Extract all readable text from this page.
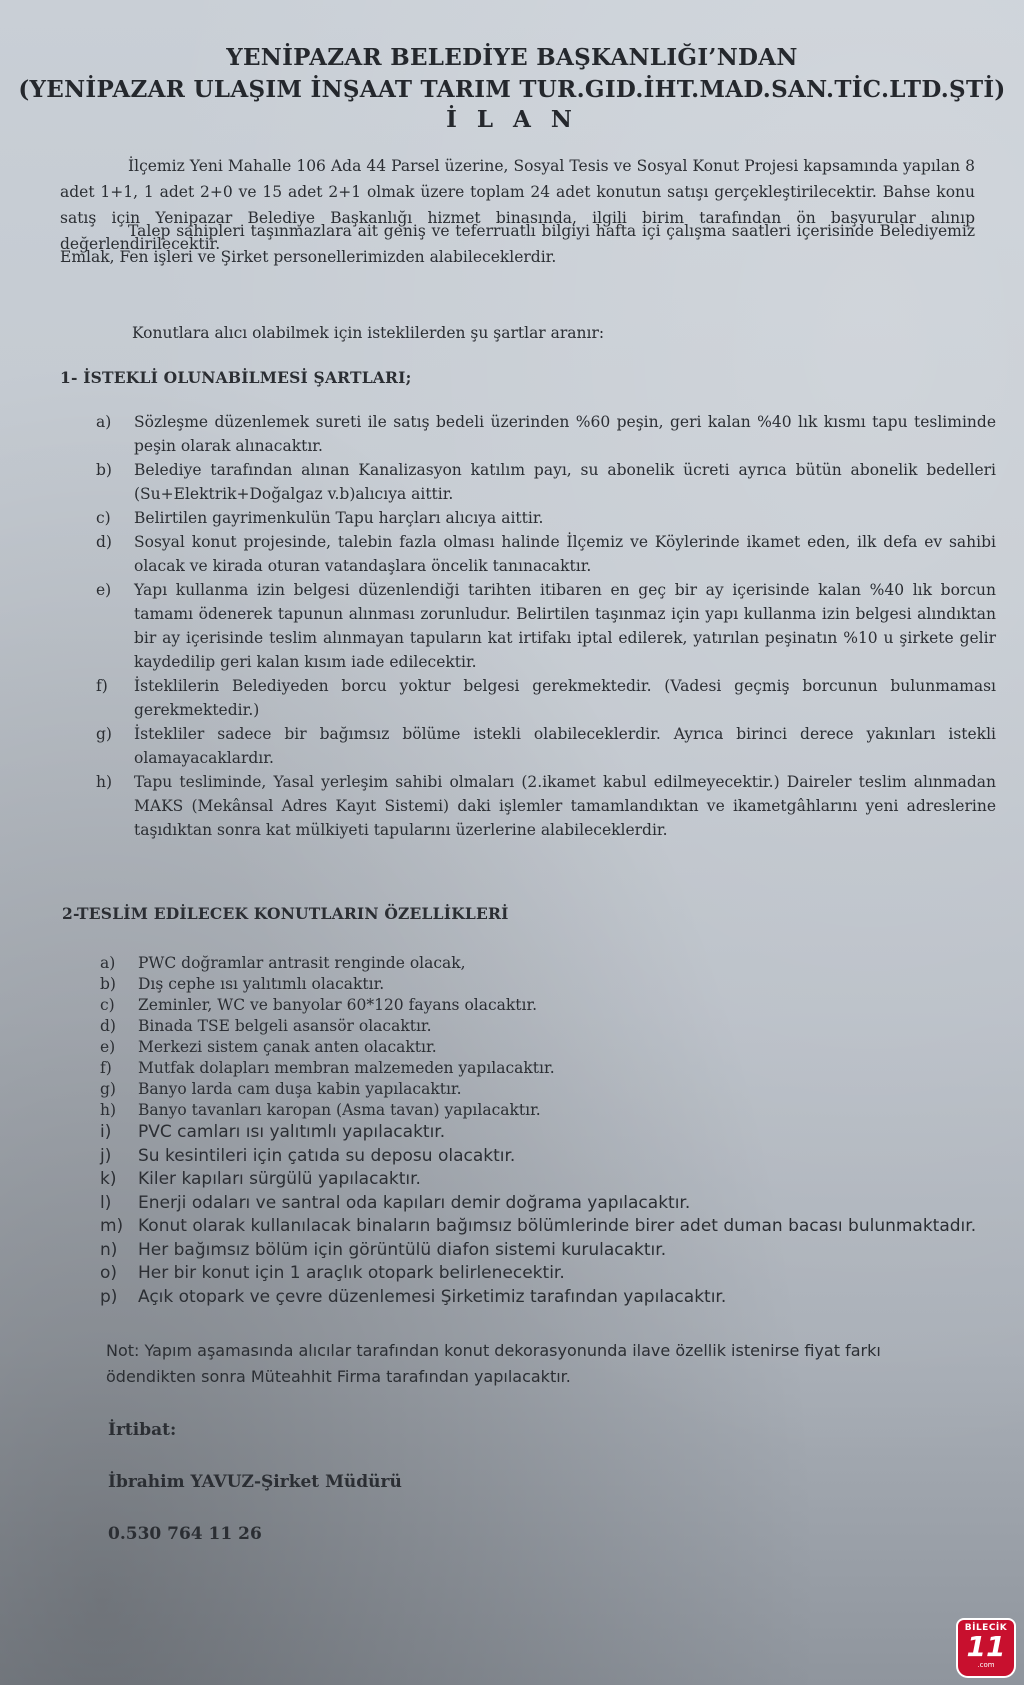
YENİPAZAR BELEDİYE BAŞKANLIĞI’NDAN
(YENİPAZAR ULAŞIM İNŞAAT TARIM TUR.GID.İHT.MAD.SAN.TİC.LTD.ŞTİ)
İ L A N

İlçemiz Yeni Mahalle 106 Ada 44 Parsel üzerine, Sosyal Tesis ve Sosyal Konut Projesi kapsamında yapılan 8 adet 1+1, 1 adet 2+0 ve 15 adet 2+1 olmak üzere toplam 24 adet konutun satışı gerçekleştirilecektir. Bahse konu satış için Yenipazar Belediye Başkanlığı hizmet binasında, ilgili birim tarafından ön başvurular alınıp değerlendirilecektir.

Talep sahipleri taşınmazlara ait geniş ve teferruatlı bilgiyi hafta içi çalışma saatleri içerisinde Belediyemiz Emlak, Fen işleri ve Şirket personellerimizden alabileceklerdir.

Konutlara alıcı olabilmek için isteklilerden şu şartlar aranır:

1- İSTEKLİ OLUNABİLMESİ ŞARTLARI;
a)	Sözleşme düzenlemek sureti ile satış bedeli üzerinden %60 peşin, geri kalan %40 lık kısmı tapu tesliminde peşin olarak alınacaktır.
b)	Belediye tarafından alınan Kanalizasyon katılım payı, su abonelik ücreti ayrıca bütün abonelik bedelleri (Su+Elektrik+Doğalgaz v.b)alıcıya aittir.
c)	Belirtilen gayrimenkulün Tapu harçları alıcıya aittir.
d)	Sosyal konut projesinde, talebin fazla olması halinde İlçemiz ve Köylerinde ikamet eden, ilk defa ev sahibi olacak ve kirada oturan vatandaşlara öncelik tanınacaktır.
e)	Yapı kullanma izin belgesi düzenlendiği tarihten itibaren en geç bir ay içerisinde kalan %40 lık borcun tamamı ödenerek tapunun alınması zorunludur. Belirtilen taşınmaz için yapı kullanma izin belgesi alındıktan bir ay içerisinde teslim alınmayan tapuların kat irtifakı iptal edilerek, yatırılan peşinatın %10 u şirkete gelir kaydedilip geri kalan kısım iade edilecektir.
f)	İsteklilerin Belediyeden borcu yoktur belgesi gerekmektedir. (Vadesi geçmiş borcunun bulunmaması gerekmektedir.)
g)	İstekliler sadece bir bağımsız bölüme istekli olabileceklerdir. Ayrıca birinci derece yakınları istekli olamayacaklardır.
h)	Tapu tesliminde, Yasal yerleşim sahibi olmaları (2.ikamet kabul edilmeyecektir.) Daireler teslim alınmadan MAKS (Mekânsal Adres Kayıt Sistemi) daki işlemler tamamlandıktan ve ikametgâhlarını yeni adreslerine taşıdıktan sonra kat mülkiyeti tapularını üzerlerine alabileceklerdir.
2-TESLİM EDİLECEK KONUTLARIN ÖZELLİKLERİ
a)	PWC doğramlar antrasit renginde olacak,
b)	Dış cephe ısı yalıtımlı olacaktır.
c)	Zeminler, WC ve banyolar 60*120 fayans olacaktır.
d)	Binada TSE belgeli asansör olacaktır.
e)	Merkezi sistem çanak anten olacaktır.
f)	Mutfak dolapları membran malzemeden yapılacaktır.
g)	Banyo larda cam duşa kabin yapılacaktır.
h)	Banyo tavanları karopan (Asma tavan) yapılacaktır.
i)	PVC camları ısı yalıtımlı yapılacaktır.
j)	Su kesintileri için çatıda su deposu olacaktır.
k)	Kiler kapıları sürgülü yapılacaktır.
l)	Enerji odaları ve santral oda kapıları demir doğrama yapılacaktır.
m) Konut olarak kullanılacak binaların bağımsız bölümlerinde birer adet duman bacası bulunmaktadır.
n)	Her bağımsız bölüm için görüntülü diafon sistemi kurulacaktır.
o)	Her bir konut için 1 araçlık otopark belirlenecektir.
p)	Açık otopark ve çevre düzenlemesi Şirketimiz tarafından yapılacaktır.

Not: Yapım aşamasında alıcılar tarafından konut dekorasyonunda ilave özellik istenirse fiyat farkı ödendikten sonra Müteahhit Firma tarafından yapılacaktır.

İrtibat:
İbrahim YAVUZ-Şirket Müdürü
0.530 764 11 26
BİLECİK
11
.com
